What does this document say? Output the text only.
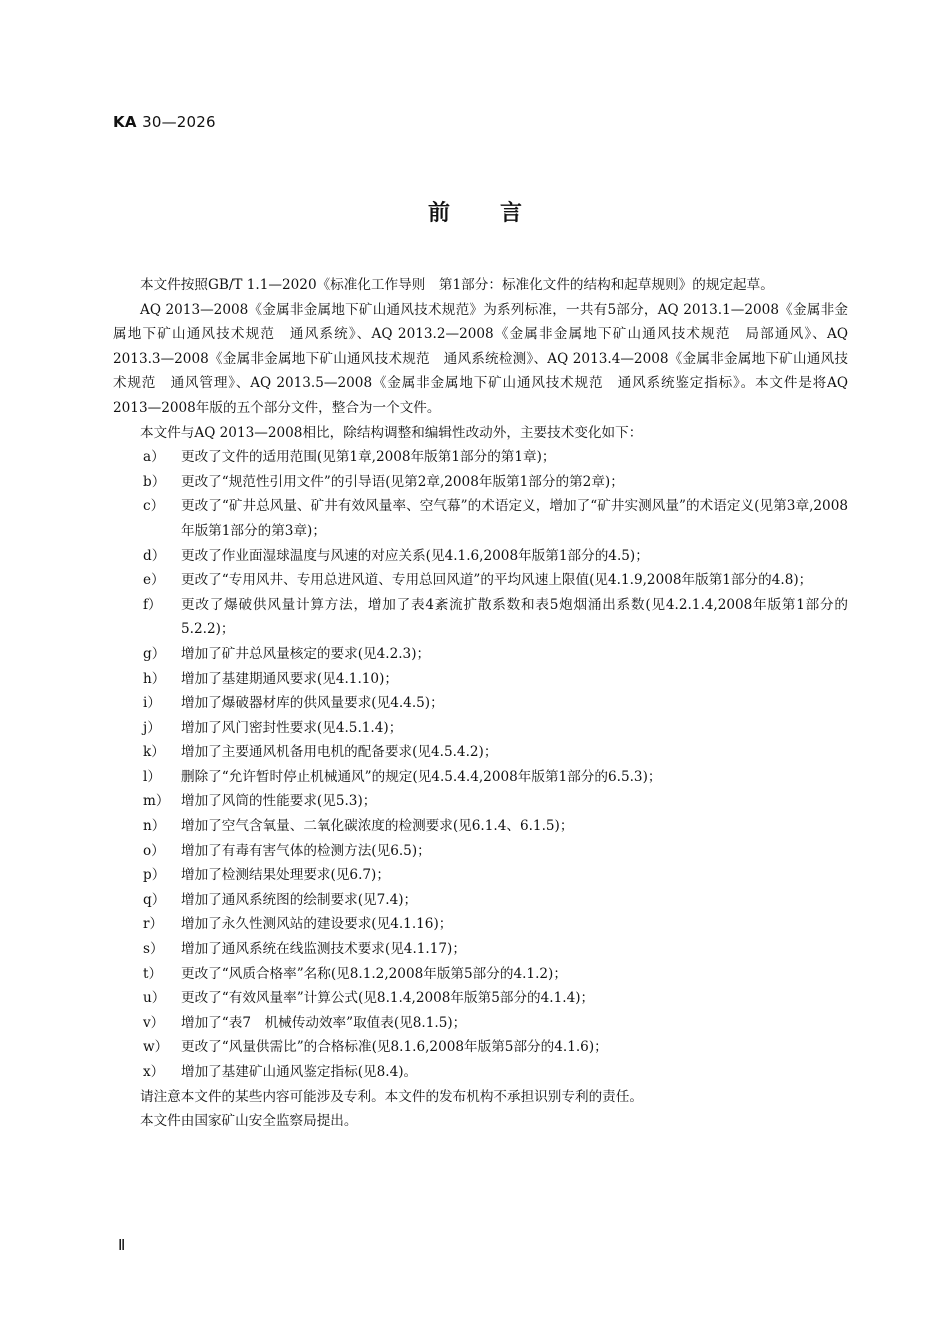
KA 30—2026
前言

本文件按照GB/T 1.1—2020《标准化工作导则　第1部分：标准化文件的结构和起草规则》的规定起草。

AQ 2013—2008《金属非金属地下矿山通风技术规范》为系列标准，一共有5部分，AQ 2013.1—2008《金属非金属地下矿山通风技术规范　通风系统》、AQ 2013.2—2008《金属非金属地下矿山通风技术规范　局部通风》、AQ 2013.3—2008《金属非金属地下矿山通风技术规范　通风系统检测》、AQ 2013.4—2008《金属非金属地下矿山通风技术规范　通风管理》、AQ 2013.5—2008《金属非金属地下矿山通风技术规范　通风系统鉴定指标》。本文件是将AQ 2013—2008年版的五个部分文件，整合为一个文件。

本文件与AQ 2013—2008相比，除结构调整和编辑性改动外，主要技术变化如下：

a） 更改了文件的适用范围(见第1章,2008年版第1部分的第1章)；
b） 更改了“规范性引用文件”的引导语(见第2章,2008年版第1部分的第2章)；
c） 更改了“矿井总风量、矿井有效风量率、空气幕”的术语定义，增加了“矿井实测风量”的术语定义(见第3章,2008年版第1部分的第3章)；
d） 更改了作业面湿球温度与风速的对应关系(见4.1.6,2008年版第1部分的4.5)；
e） 更改了“专用风井、专用总进风道、专用总回风道”的平均风速上限值(见4.1.9,2008年版第1部分的4.8)；
f） 更改了爆破供风量计算方法，增加了表4紊流扩散系数和表5炮烟涌出系数(见4.2.1.4,2008年版第1部分的5.2.2)；
g） 增加了矿井总风量核定的要求(见4.2.3)；
h） 增加了基建期通风要求(见4.1.10)；
i） 增加了爆破器材库的供风量要求(见4.4.5)；
j） 增加了风门密封性要求(见4.5.1.4)；
k） 增加了主要通风机备用电机的配备要求(见4.5.4.2)；
l） 删除了“允许暂时停止机械通风”的规定(见4.5.4.4,2008年版第1部分的6.5.3)；
m） 增加了风筒的性能要求(见5.3)；
n） 增加了空气含氧量、二氧化碳浓度的检测要求(见6.1.4、6.1.5)；
o） 增加了有毒有害气体的检测方法(见6.5)；
p） 增加了检测结果处理要求(见6.7)；
q） 增加了通风系统图的绘制要求(见7.4)；
r） 增加了永久性测风站的建设要求(见4.1.16)；
s） 增加了通风系统在线监测技术要求(见4.1.17)；
t） 更改了“风质合格率”名称(见8.1.2,2008年版第5部分的4.1.2)；
u） 更改了“有效风量率”计算公式(见8.1.4,2008年版第5部分的4.1.4)；
v） 增加了“表7　机械传动效率”取值表(见8.1.5)；
w） 更改了“风量供需比”的合格标准(见8.1.6,2008年版第5部分的4.1.6)；
x） 增加了基建矿山通风鉴定指标(见8.4)。

请注意本文件的某些内容可能涉及专利。本文件的发布机构不承担识别专利的责任。

本文件由国家矿山安全监察局提出。

Ⅱ
